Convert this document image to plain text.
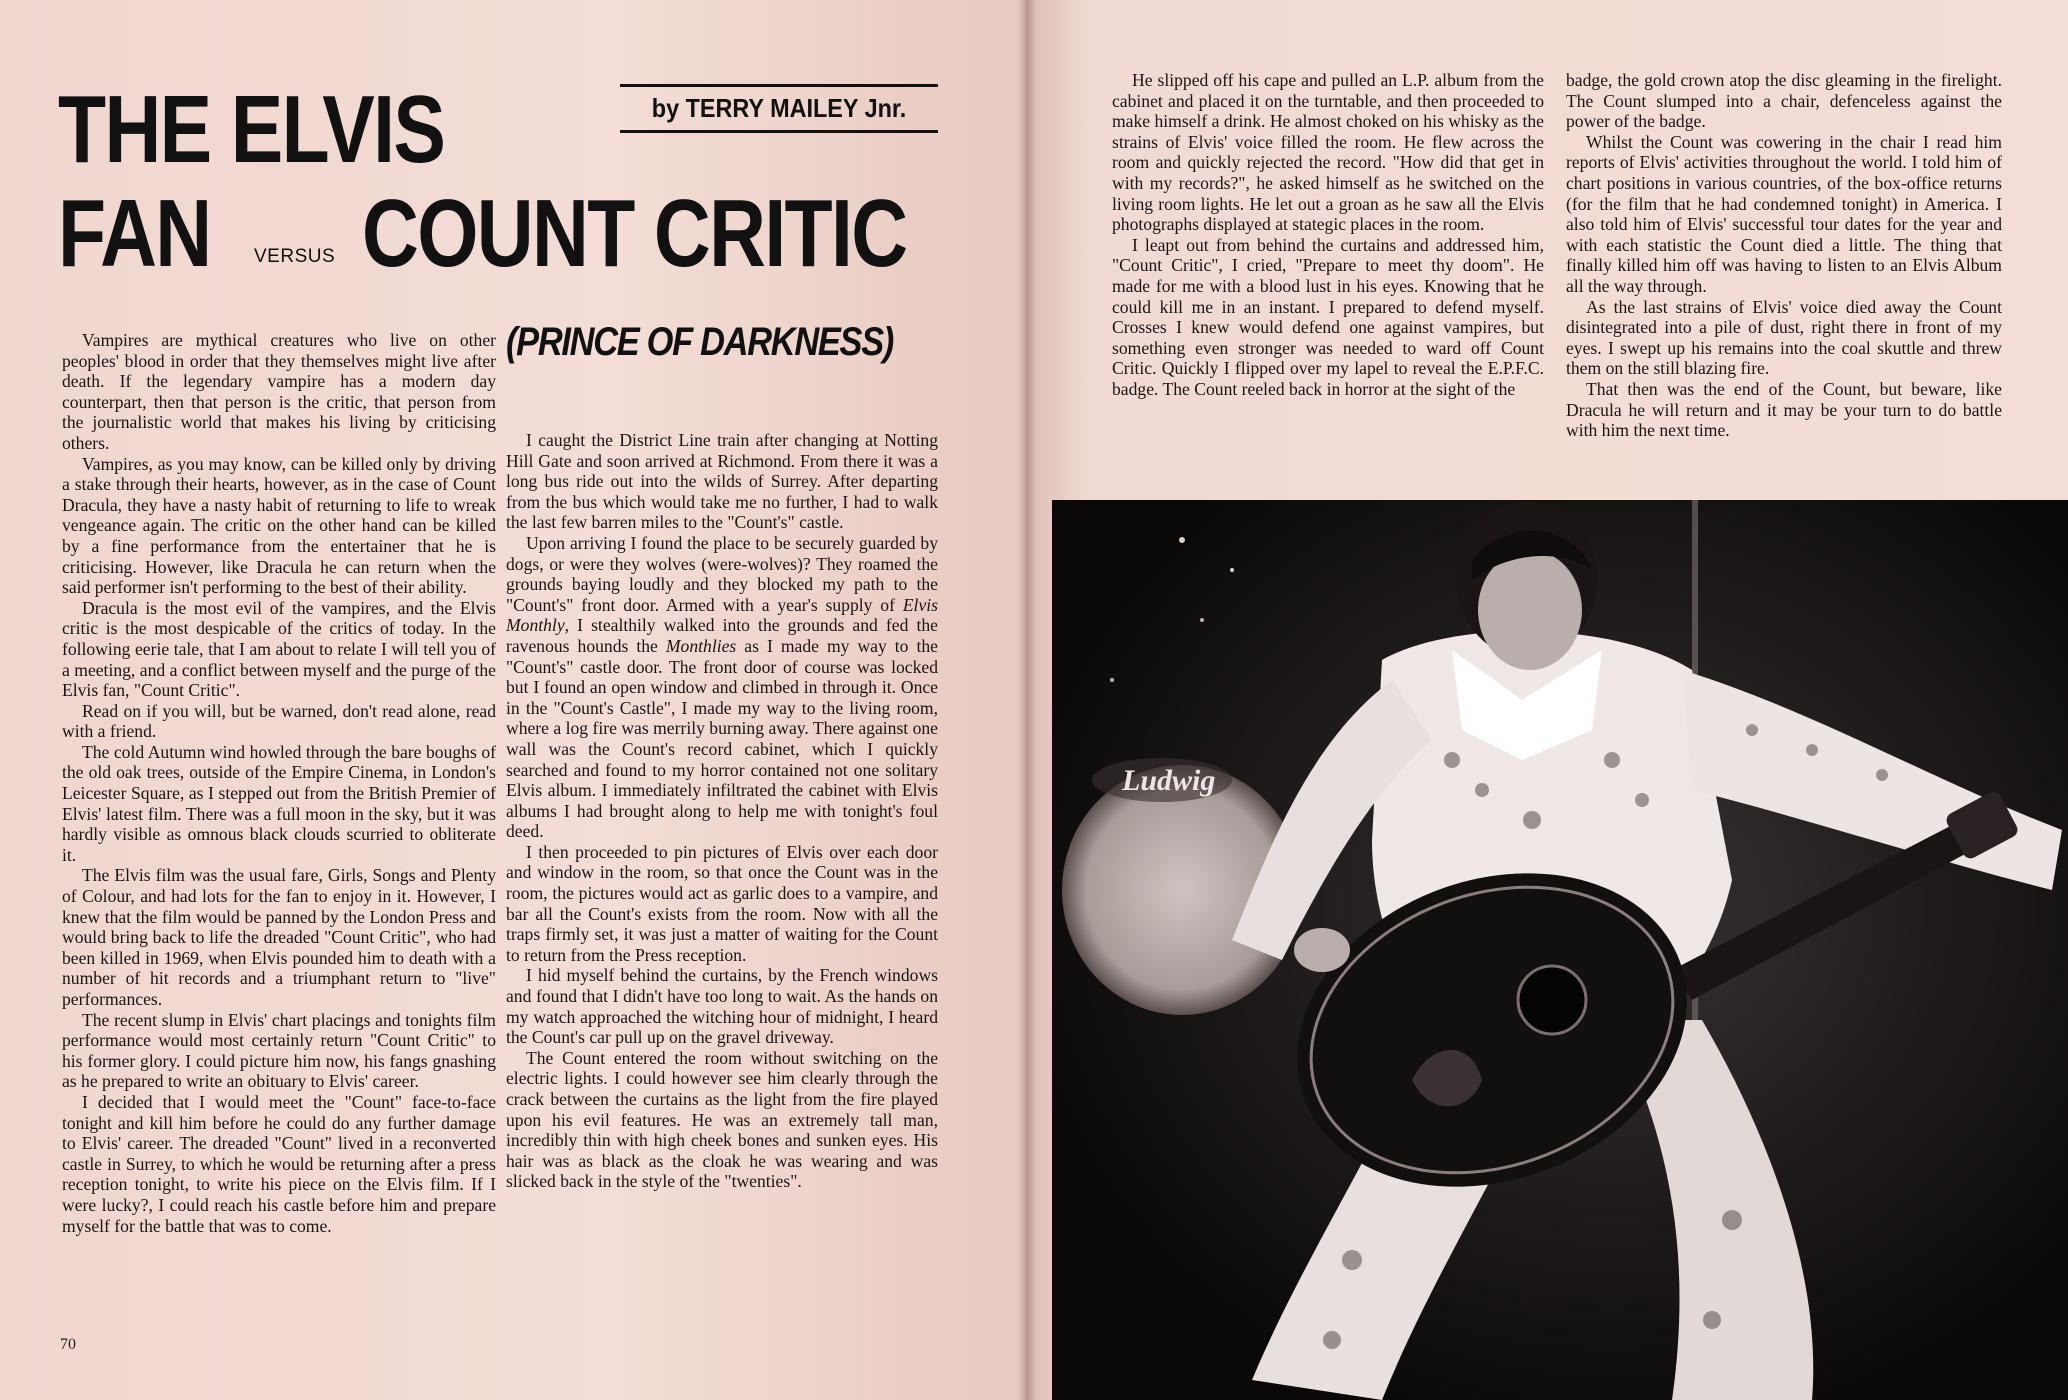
THE ELVIS
FAN VERSUS COUNT CRITIC
by TERRY MAILEY Jnr.
(PRINCE OF DARKNESS)

Vampires are mythical creatures who live on other peoples' blood in order that they themselves might live after death. If the legendary vampire has a modern day counterpart, then that person is the critic, that person from the journalistic world that makes his living by criticising others.

Vampires, as you may know, can be killed only by driving a stake through their hearts, however, as in the case of Count Dracula, they have a nasty habit of returning to life to wreak vengeance again. The critic on the other hand can be killed by a fine performance from the entertainer that he is criticising. However, like Dracula he can return when the said performer isn't performing to the best of their ability.

Dracula is the most evil of the vampires, and the Elvis critic is the most despicable of the critics of today. In the following eerie tale, that I am about to relate I will tell you of a meeting, and a conflict between myself and the purge of the Elvis fan, "Count Critic".

Read on if you will, but be warned, don't read alone, read with a friend.

The cold Autumn wind howled through the bare boughs of the old oak trees, outside of the Empire Cinema, in London's Leicester Square, as I stepped out from the British Premier of Elvis' latest film. There was a full moon in the sky, but it was hardly visible as omnous black clouds scurried to obliterate it.

The Elvis film was the usual fare, Girls, Songs and Plenty of Colour, and had lots for the fan to enjoy in it. However, I knew that the film would be panned by the London Press and would bring back to life the dreaded "Count Critic", who had been killed in 1969, when Elvis pounded him to death with a number of hit records and a triumphant return to "live" performances.

The recent slump in Elvis' chart placings and tonights film performance would most certainly return "Count Critic" to his former glory. I could picture him now, his fangs gnashing as he prepared to write an obituary to Elvis' career.

I decided that I would meet the "Count" face-to-face tonight and kill him before he could do any further damage to Elvis' career. The dreaded "Count" lived in a reconverted castle in Surrey, to which he would be returning after a press reception tonight, to write his piece on the Elvis film. If I were lucky?, I could reach his castle before him and prepare myself for the battle that was to come.

I caught the District Line train after changing at Notting Hill Gate and soon arrived at Richmond. From there it was a long bus ride out into the wilds of Surrey. After departing from the bus which would take me no further, I had to walk the last few barren miles to the "Count's" castle.

Upon arriving I found the place to be securely guarded by dogs, or were they wolves (were-wolves)? They roamed the grounds baying loudly and they blocked my path to the "Count's" front door. Armed with a year's supply of Elvis Monthly, I stealthily walked into the grounds and fed the ravenous hounds the Monthlies as I made my way to the "Count's" castle door. The front door of course was locked but I found an open window and climbed in through it. Once in the "Count's Castle", I made my way to the living room, where a log fire was merrily burning away. There against one wall was the Count's record cabinet, which I quickly searched and found to my horror contained not one solitary Elvis album. I immediately infiltrated the cabinet with Elvis albums I had brought along to help me with tonight's foul deed.

I then proceeded to pin pictures of Elvis over each door and window in the room, so that once the Count was in the room, the pictures would act as garlic does to a vampire, and bar all the Count's exists from the room. Now with all the traps firmly set, it was just a matter of waiting for the Count to return from the Press reception.

I hid myself behind the curtains, by the French windows and found that I didn't have too long to wait. As the hands on my watch approached the witching hour of midnight, I heard the Count's car pull up on the gravel driveway.

The Count entered the room without switching on the electric lights. I could however see him clearly through the crack between the curtains as the light from the fire played upon his evil features. He was an extremely tall man, incredibly thin with high cheek bones and sunken eyes. His hair was as black as the cloak he was wearing and was slicked back in the style of the "twenties".

70

He slipped off his cape and pulled an L.P. album from the cabinet and placed it on the turntable, and then proceeded to make himself a drink. He almost choked on his whisky as the strains of Elvis' voice filled the room. He flew across the room and quickly rejected the record. "How did that get in with my records?", he asked himself as he switched on the living room lights. He let out a groan as he saw all the Elvis photographs displayed at stategic places in the room.

I leapt out from behind the curtains and addressed him, "Count Critic", I cried, "Prepare to meet thy doom". He made for me with a blood lust in his eyes. Knowing that he could kill me in an instant. I prepared to defend myself. Crosses I knew would defend one against vampires, but something even stronger was needed to ward off Count Critic. Quickly I flipped over my lapel to reveal the E.P.F.C. badge. The Count reeled back in horror at the sight of the

badge, the gold crown atop the disc gleaming in the firelight. The Count slumped into a chair, defenceless against the power of the badge.

Whilst the Count was cowering in the chair I read him reports of Elvis' activities throughout the world. I told him of chart positions in various countries, of the box-office returns (for the film that he had condemned tonight) in America. I also told him of Elvis' successful tour dates for the year and with each statistic the Count died a little. The thing that finally killed him off was having to listen to an Elvis Album all the way through.

As the last strains of Elvis' voice died away the Count disintegrated into a pile of dust, right there in front of my eyes. I swept up his remains into the coal skuttle and threw them on the still blazing fire.

That then was the end of the Count, but beware, like Dracula he will return and it may be your turn to do battle with him the next time.

Ludwig
